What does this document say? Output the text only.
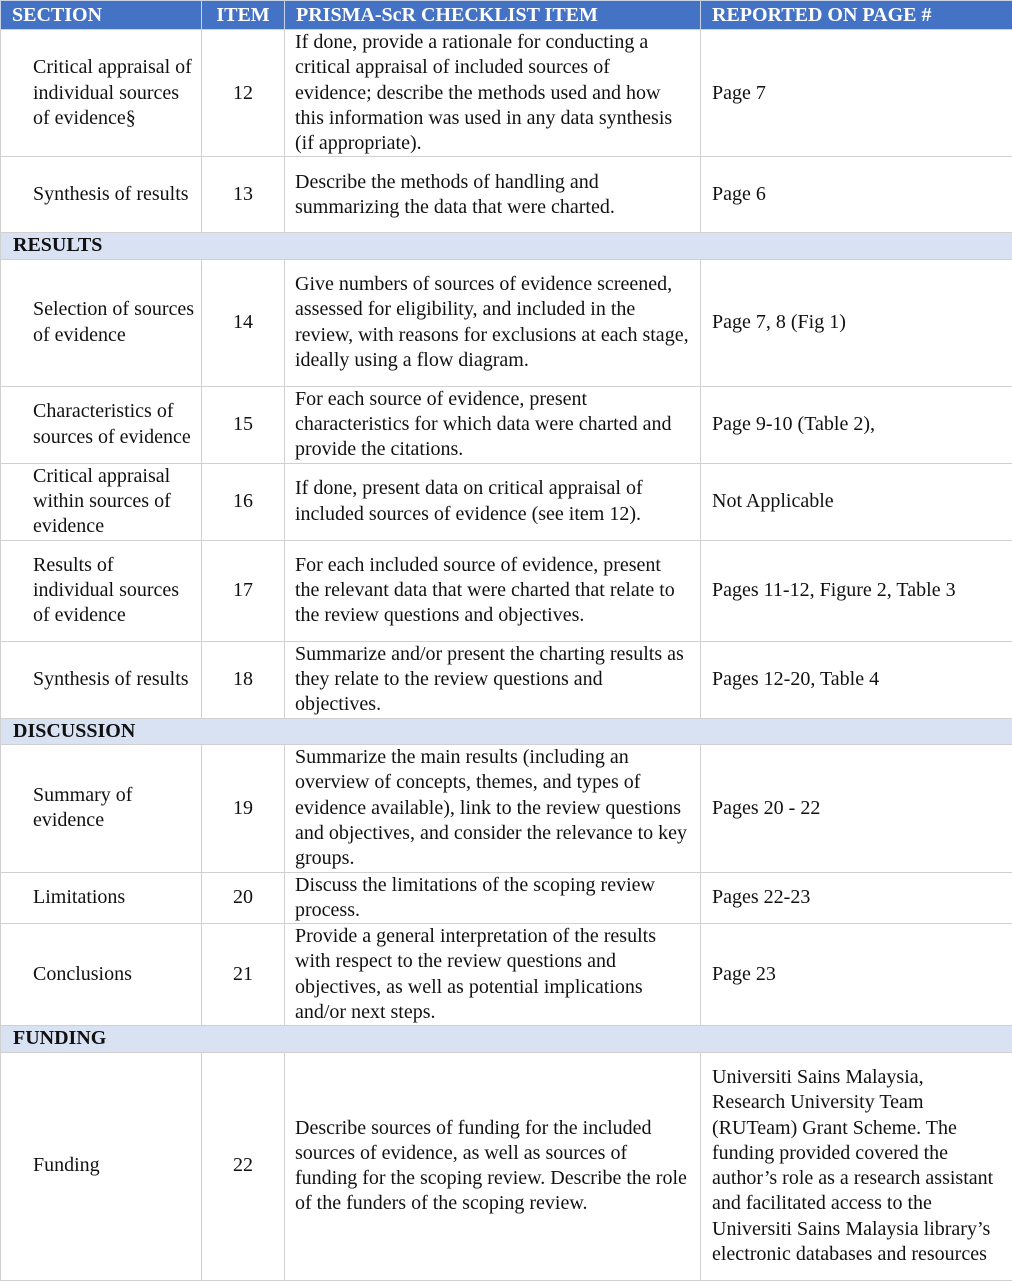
SECTION	ITEM	PRISMA-ScR CHECKLIST ITEM	REPORTED ON PAGE #
Critical appraisal of individual sources of evidence§	12	If done, provide a rationale for conducting a critical appraisal of included sources of evidence; describe the methods used and how this information was used in any data synthesis (if appropriate).	Page 7
Synthesis of results	13	Describe the methods of handling and summarizing the data that were charted.	Page 6
RESULTS			
Selection of sources of evidence	14	Give numbers of sources of evidence screened, assessed for eligibility, and included in the review, with reasons for exclusions at each stage, ideally using a flow diagram.	Page 7, 8 (Fig 1)
Characteristics of sources of evidence	15	For each source of evidence, present characteristics for which data were charted and provide the citations.	Page 9-10 (Table 2),
Critical appraisal within sources of evidence	16	If done, present data on critical appraisal of included sources of evidence (see item 12).	Not Applicable
Results of individual sources of evidence	17	For each included source of evidence, present the relevant data that were charted that relate to the review questions and objectives.	Pages 11-12, Figure 2, Table 3
Synthesis of results	18	Summarize and/or present the charting results as they relate to the review questions and objectives.	Pages 12-20, Table 4
DISCUSSION			
Summary of evidence	19	Summarize the main results (including an overview of concepts, themes, and types of evidence available), link to the review questions and objectives, and consider the relevance to key groups.	Pages 20 - 22
Limitations	20	Discuss the limitations of the scoping review process.	Pages 22-23
Conclusions	21	Provide a general interpretation of the results with respect to the review questions and objectives, as well as potential implications and/or next steps.	Page 23
FUNDING			
Funding	22	Describe sources of funding for the included sources of evidence, as well as sources of funding for the scoping review. Describe the role of the funders of the scoping review.	Universiti Sains Malaysia, Research University Team (RUTeam) Grant Scheme. The funding provided covered the author’s role as a research assistant and facilitated access to the Universiti Sains Malaysia library’s electronic databases and resources
